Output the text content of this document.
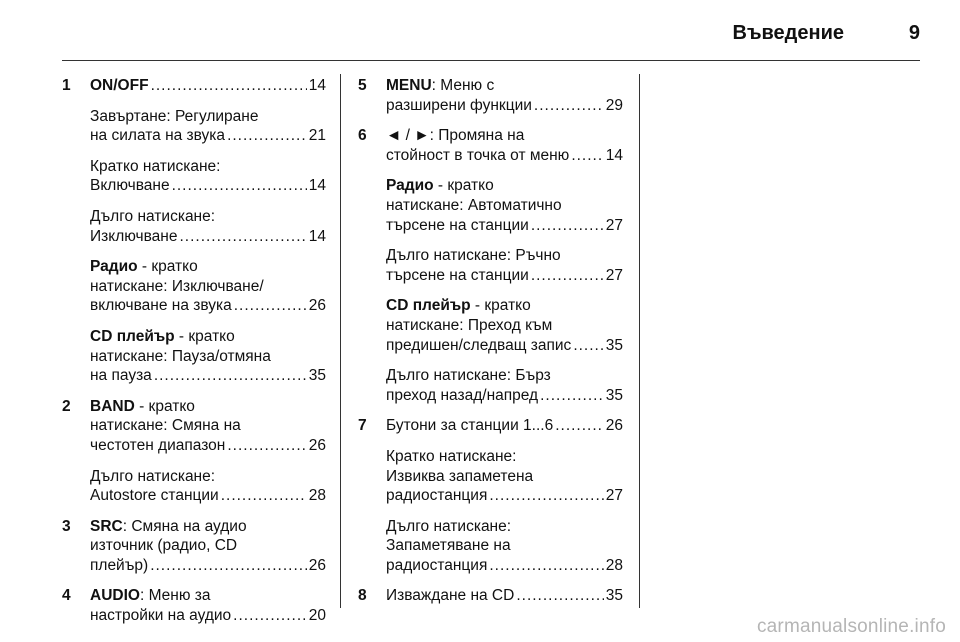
Въведение	9
1 ON/OFF .....	14
Завъртане: Регулиране
на силата на звука .....	21
Кратко натискане:
Включване .....	14
Дълго натискане:
Изключване .....	14
Радио - кратко
натискане: Изключване/
включване на звука .....	26
CD плейър - кратко
натискане: Пауза/отмяна
на пауза .....	35
2 BAND - кратко
натискане: Смяна на
честотен диапазон .....	26
Дълго натискане:
Autostore станции .....	28
3 SRC: Смяна на аудио
източник (радио, CD
плейър) .....	26
4 AUDIO: Меню за
настройки на аудио .....	20
5 MENU: Меню с
разширени функции .....	29
6 ◄ / ►: Промяна на
стойност в точка от меню ..... 14
Радио - кратко
натискане: Автоматично
търсене на станции .....	27
Дълго натискане: Ръчно
търсене на станции .....	27
CD плейър - кратко
натискане: Преход към
предишен/следващ запис ..... 35
Дълго натискане: Бърз
преход назад/напред .....	35
7 Бутони за станции 1...6 .....	26
Кратко натискане:
Извиква запаметена
радиостанция .....	27
Дълго натискане:
Запаметяване на
радиостанция .....	28
8 Изваждане на CD .....	35
carmanualsonline.info
